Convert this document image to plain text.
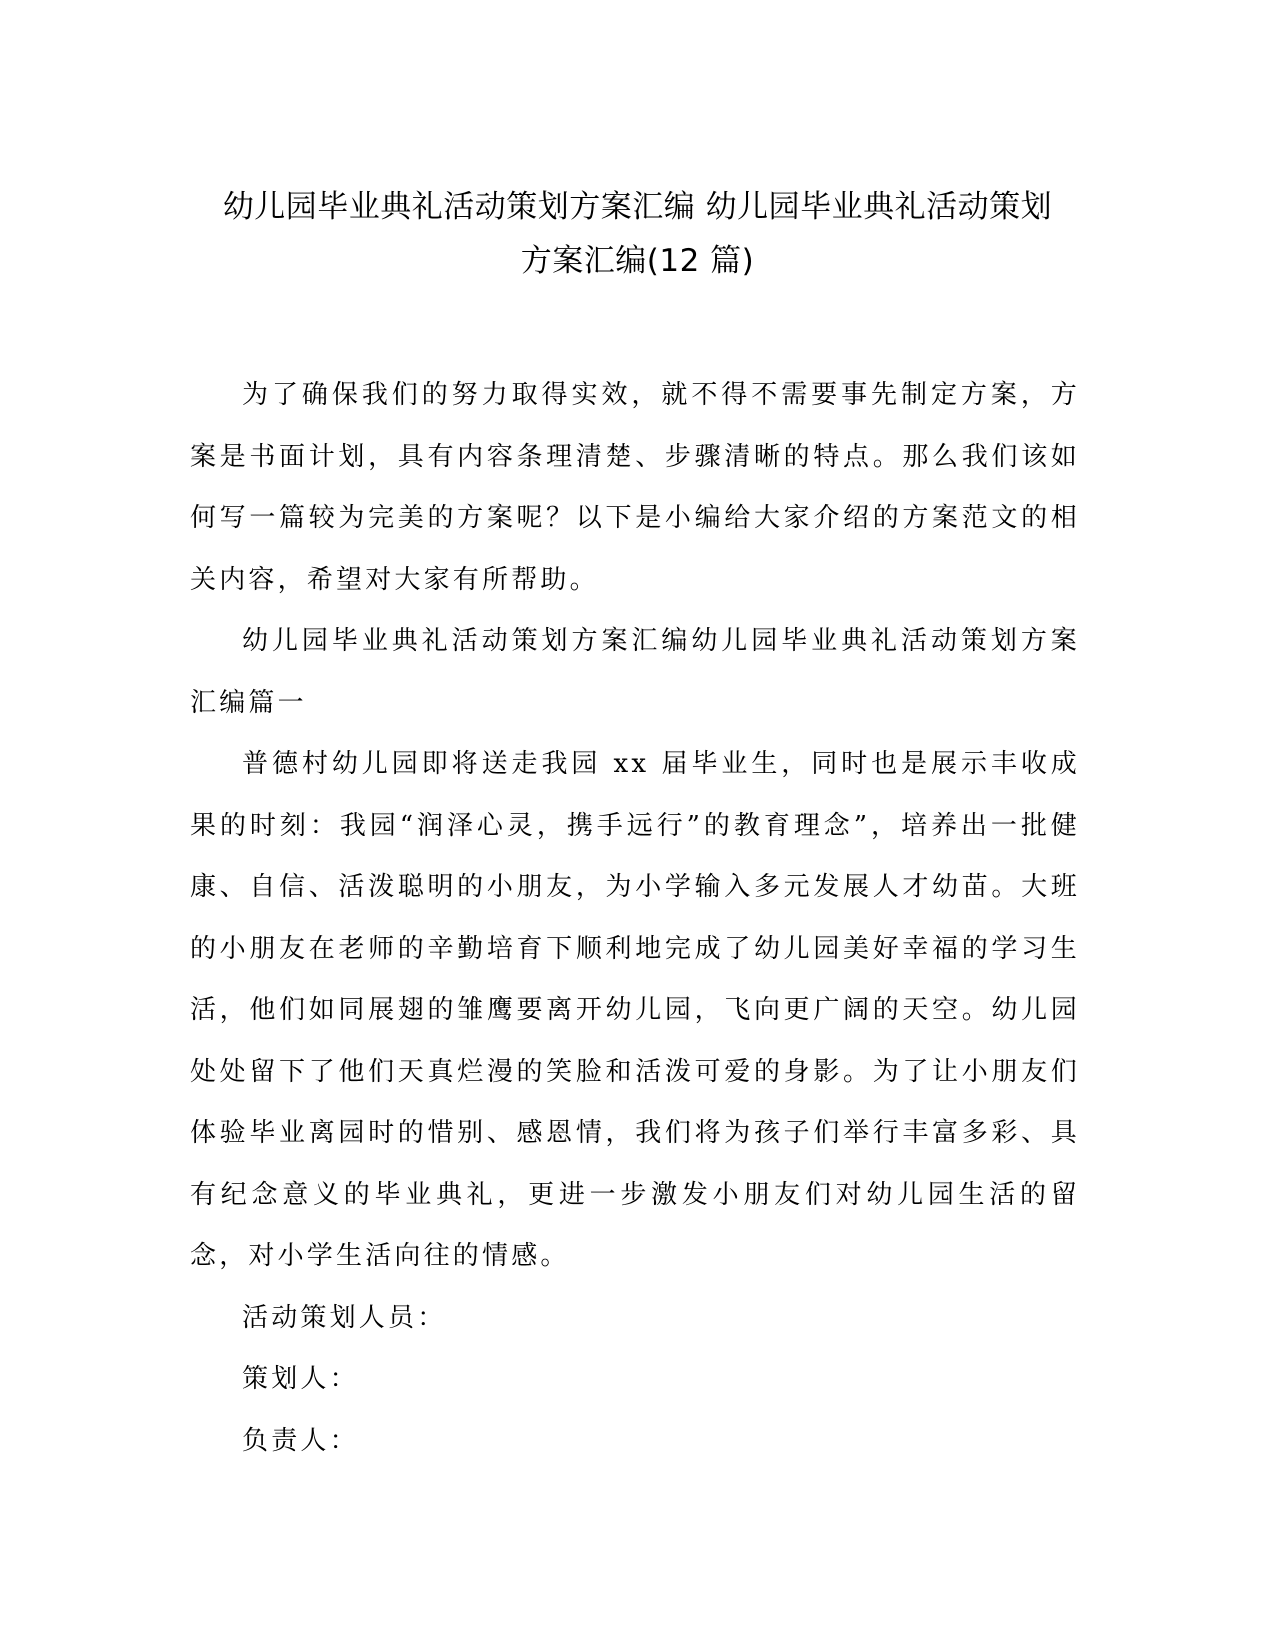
幼儿园毕业典礼活动策划方案汇编 幼儿园毕业典礼活动策划
方案汇编(12 篇)

为了确保我们的努力取得实效，就不得不需要事先制定方案，方案是书面计划，具有内容条理清楚、步骤清晰的特点。那么我们该如何写一篇较为完美的方案呢？以下是小编给大家介绍的方案范文的相关内容，希望对大家有所帮助。

幼儿园毕业典礼活动策划方案汇编幼儿园毕业典礼活动策划方案汇编篇一

普德村幼儿园即将送走我园 xx 届毕业生，同时也是展示丰收成果的时刻：我园“润泽心灵，携手远行”的教育理念”，培养出一批健康、自信、活泼聪明的小朋友，为小学输入多元发展人才幼苗。大班的小朋友在老师的辛勤培育下顺利地完成了幼儿园美好幸福的学习生活，他们如同展翅的雏鹰要离开幼儿园，飞向更广阔的天空。幼儿园处处留下了他们天真烂漫的笑脸和活泼可爱的身影。为了让小朋友们体验毕业离园时的惜别、感恩情，我们将为孩子们举行丰富多彩、具有纪念意义的毕业典礼，更进一步激发小朋友们对幼儿园生活的留念，对小学生活向往的情感。

活动策划人员：

策划人：

负责人：
